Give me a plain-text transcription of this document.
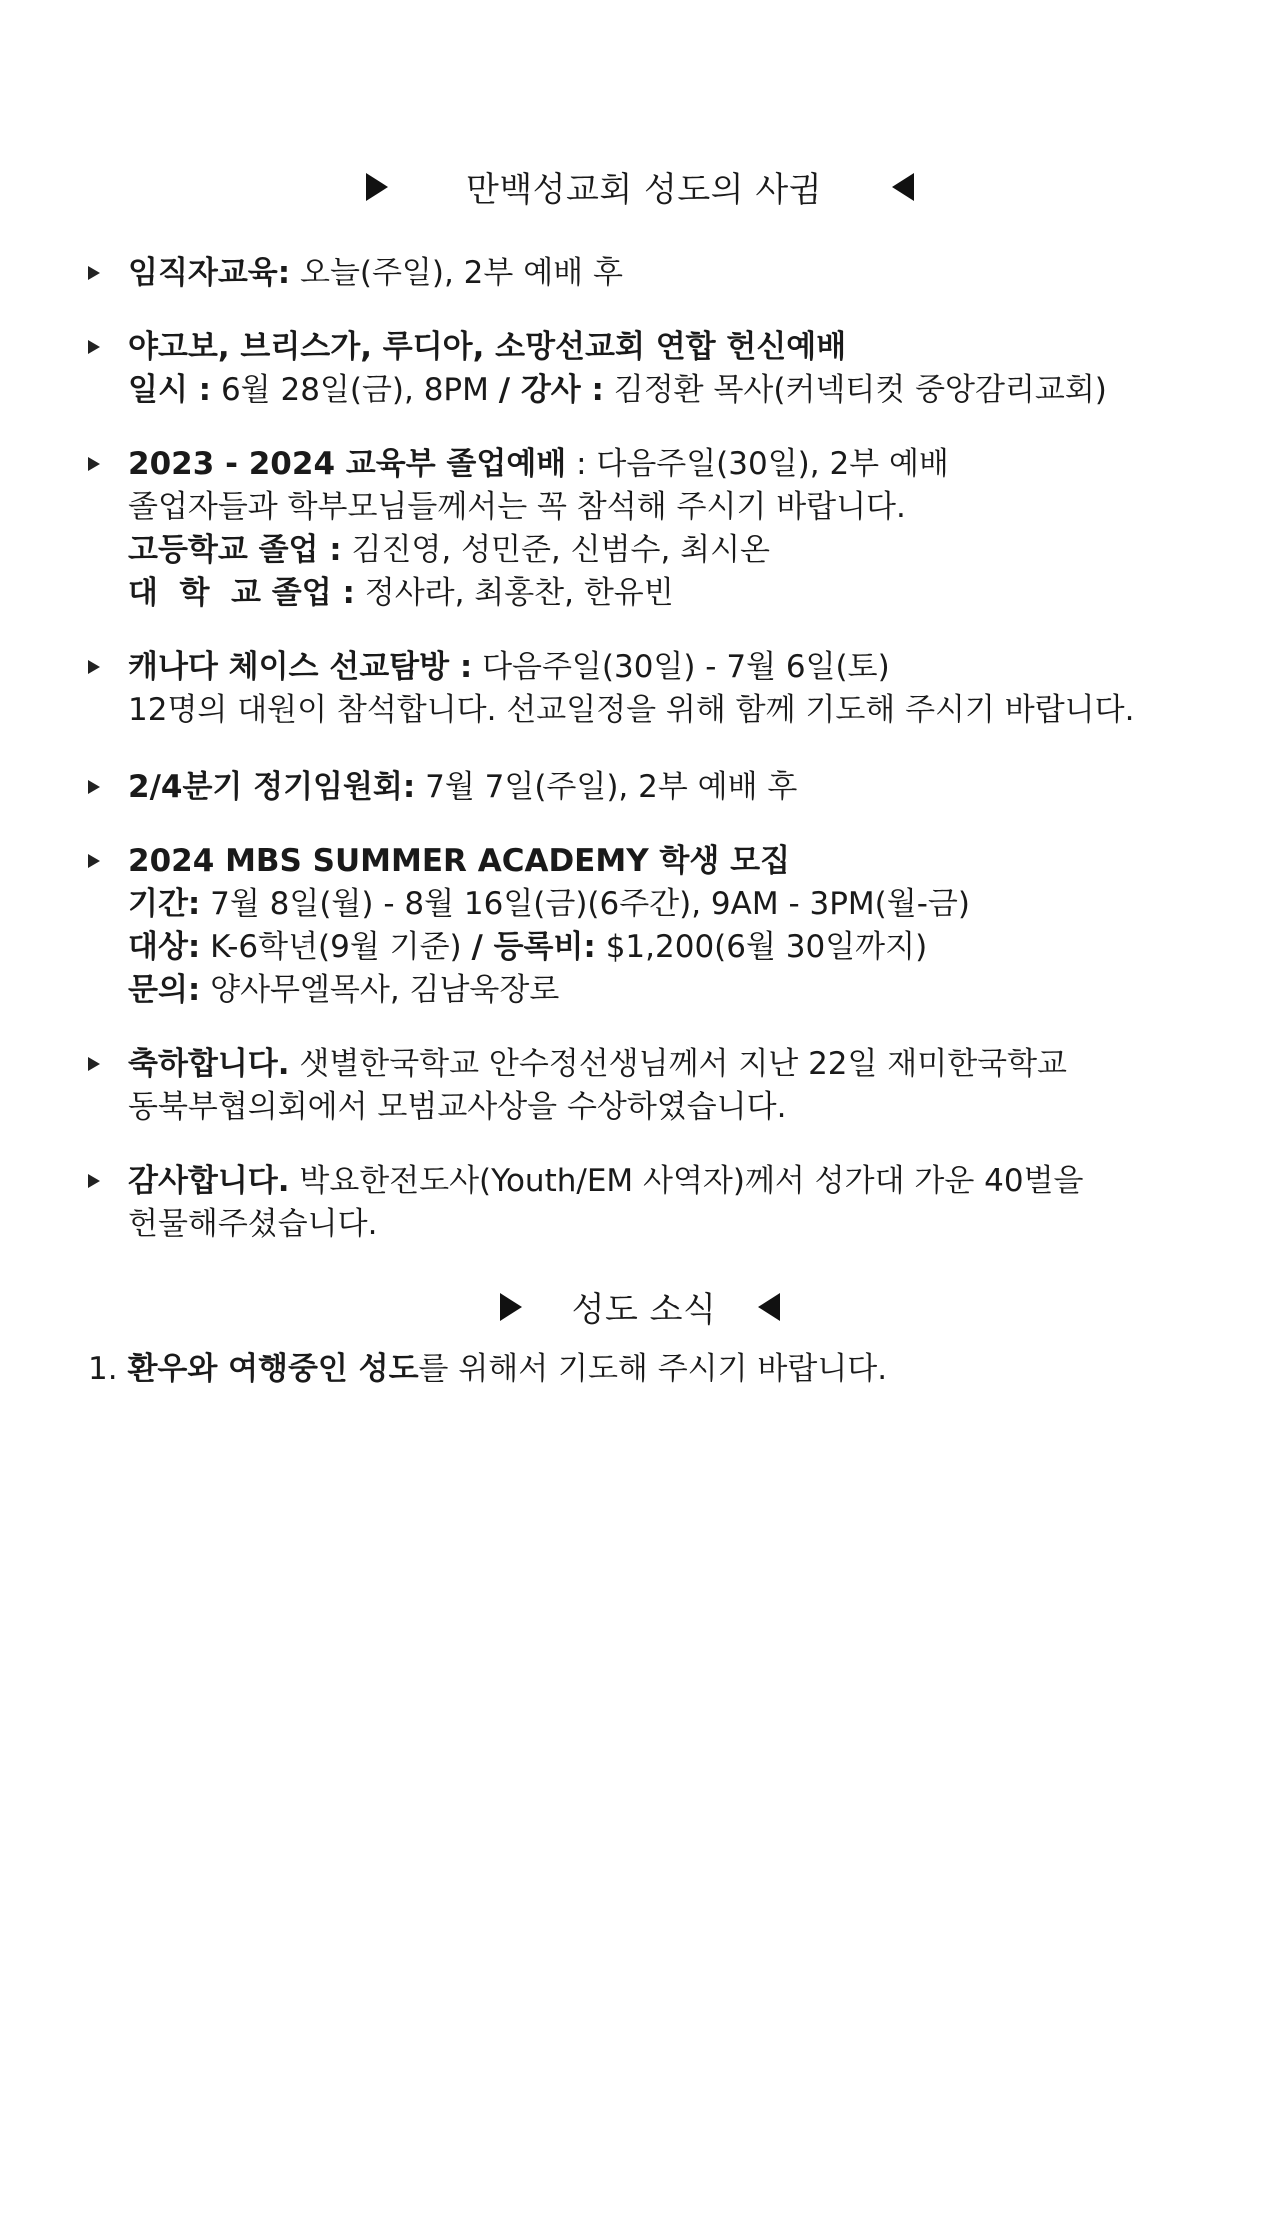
만백성교회 성도의 사귐
임직자교육: 오늘(주일), 2부 예배 후
야고보, 브리스가, 루디아, 소망선교회 연합 헌신예배
일시 : 6월 28일(금), 8PM / 강사 : 김정환 목사(커넥티컷 중앙감리교회)
2023 - 2024 교육부 졸업예배 : 다음주일(30일), 2부 예배
졸업자들과 학부모님들께서는 꼭 참석해 주시기 바랍니다.
고등학교 졸업 : 김진영, 성민준, 신범수, 최시온
대  학  교 졸업 : 정사라, 최홍찬, 한유빈
캐나다 체이스 선교탐방 : 다음주일(30일) - 7월 6일(토)
12명의 대원이 참석합니다. 선교일정을 위해 함께 기도해 주시기 바랍니다.
2/4분기 정기임원회: 7월 7일(주일), 2부 예배 후
2024 MBS SUMMER ACADEMY 학생 모집
기간: 7월 8일(월) - 8월 16일(금)(6주간), 9AM - 3PM(월-금)
대상: K-6학년(9월 기준) / 등록비: $1,200(6월 30일까지)
문의: 양사무엘목사, 김남욱장로
축하합니다. 샛별한국학교 안수정선생님께서 지난 22일 재미한국학교
동북부협의회에서 모범교사상을 수상하였습니다.
감사합니다. 박요한전도사(Youth/EM 사역자)께서 성가대 가운 40벌을
헌물해주셨습니다.
성도 소식
1. 환우와 여행중인 성도를 위해서 기도해 주시기 바랍니다.
